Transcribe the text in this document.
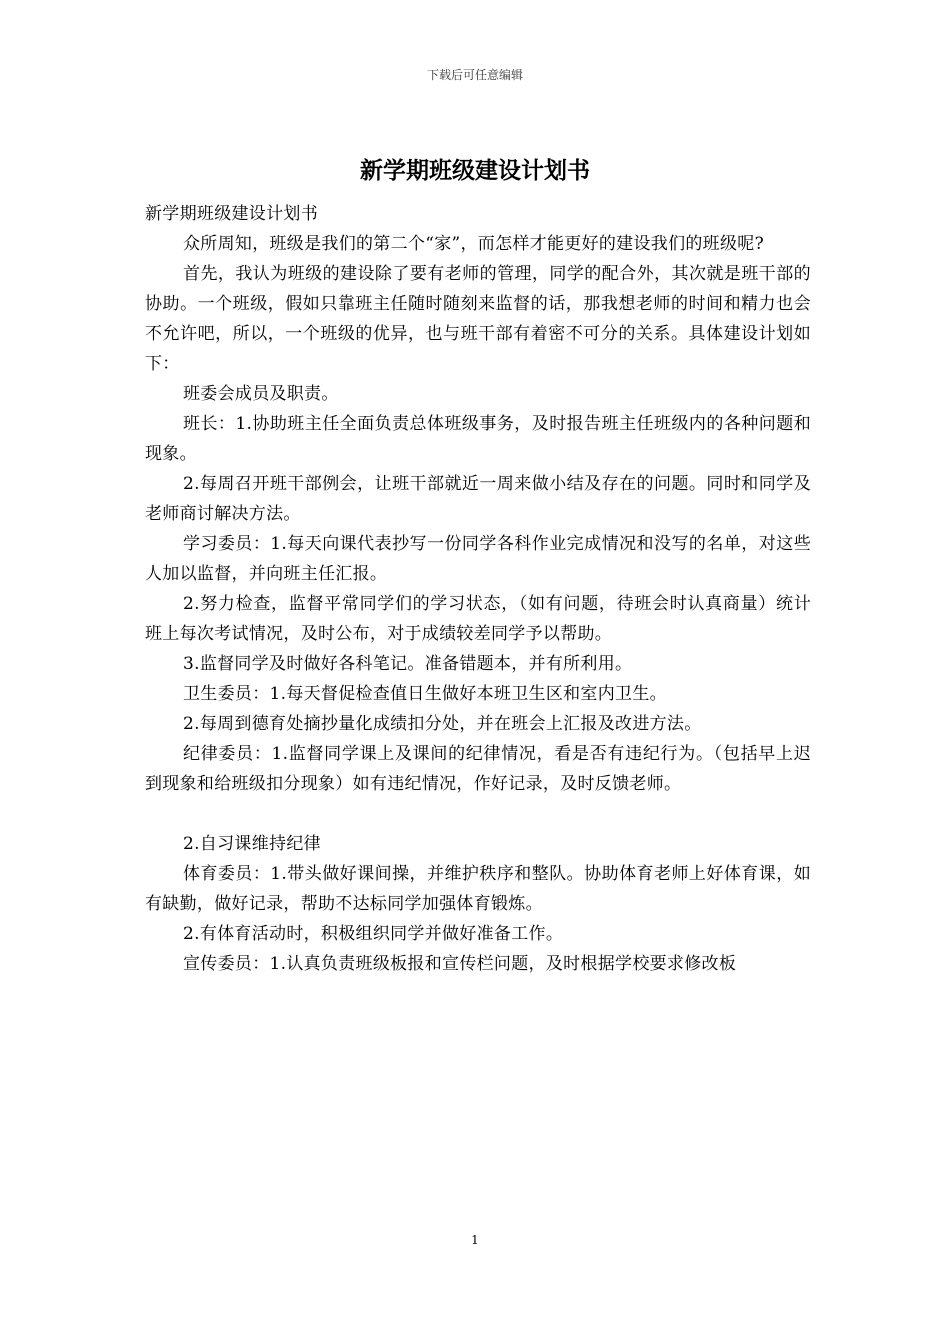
下载后可任意编辑
新学期班级建设计划书

新学期班级建设计划书

众所周知，班级是我们的第二个“家”，而怎样才能更好的建设我们的班级呢?

首先，我认为班级的建设除了要有老师的管理，同学的配合外，其次就是班干部的协助。一个班级，假如只靠班主任随时随刻来监督的话，那我想老师的时间和精力也会不允许吧，所以，一个班级的优异，也与班干部有着密不可分的关系。具体建设计划如下：

班委会成员及职责。

班长：1.协助班主任全面负责总体班级事务，及时报告班主任班级内的各种问题和现象。

2.每周召开班干部例会，让班干部就近一周来做小结及存在的问题。同时和同学及老师商讨解决方法。

学习委员：1.每天向课代表抄写一份同学各科作业完成情况和没写的名单，对这些人加以监督，并向班主任汇报。

2.努力检查，监督平常同学们的学习状态，（如有问题，待班会时认真商量）统计班上每次考试情况，及时公布，对于成绩较差同学予以帮助。

3.监督同学及时做好各科笔记。准备错题本，并有所利用。

卫生委员：1.每天督促检查值日生做好本班卫生区和室内卫生。

2.每周到德育处摘抄量化成绩扣分处，并在班会上汇报及改进方法。

纪律委员：1.监督同学课上及课间的纪律情况，看是否有违纪行为。（包括早上迟到现象和给班级扣分现象）如有违纪情况，作好记录，及时反馈老师。

2.自习课维持纪律

体育委员：1.带头做好课间操，并维护秩序和整队。协助体育老师上好体育课，如有缺勤，做好记录，帮助不达标同学加强体育锻炼。

2.有体育活动时，积极组织同学并做好准备工作。

宣传委员：1.认真负责班级板报和宣传栏问题，及时根据学校要求修改板

1
